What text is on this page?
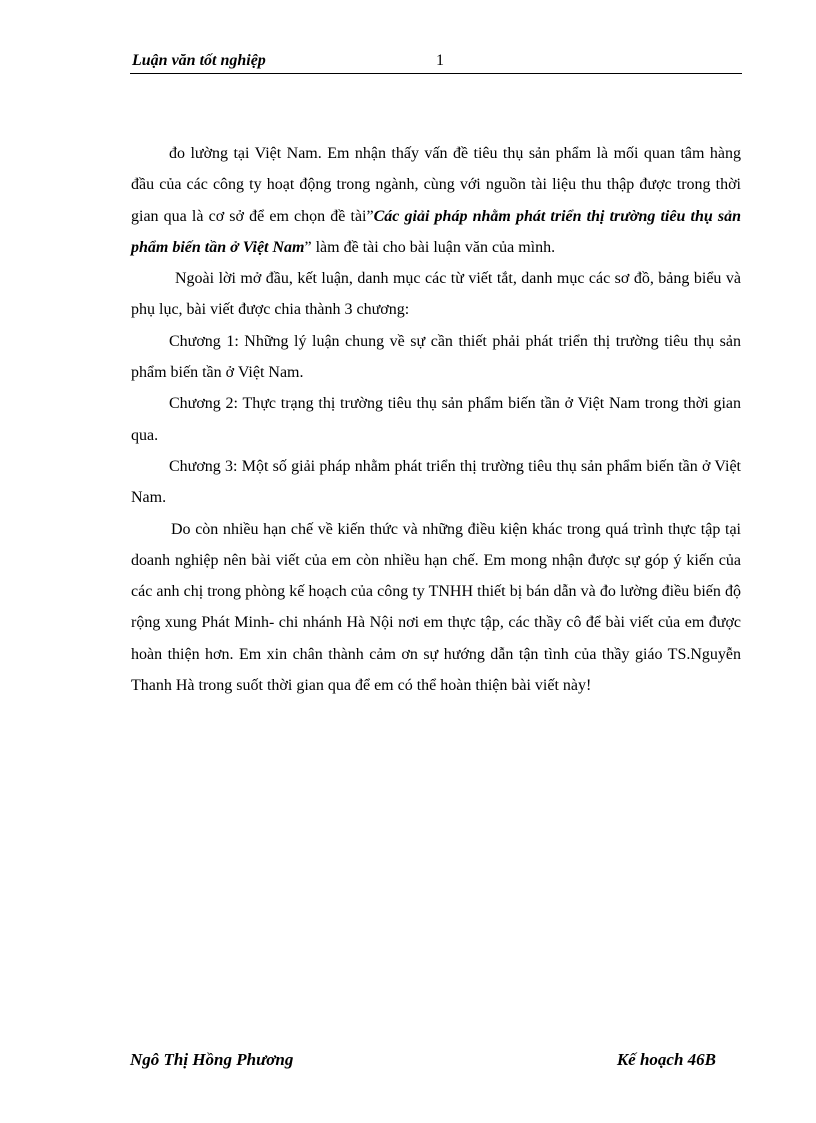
Luận văn tốt nghiệp	1

đo lường tại Việt Nam. Em nhận thấy vấn đề tiêu thụ sản phẩm là mối quan tâm hàng đầu của các công ty hoạt động trong ngành, cùng với nguồn tài liệu thu thập được trong thời gian qua là cơ sở để em chọn đề tài”Các giải pháp nhằm phát triển thị trường tiêu thụ sản phẩm biến tần ở Việt Nam” làm đề tài cho bài luận văn của mình.

Ngoài lời mở đầu, kết luận, danh mục các từ viết tắt, danh mục các sơ đồ, bảng biểu và phụ lục, bài viết được chia thành 3 chương:

Chương 1: Những lý luận chung về sự cần thiết phải phát triển thị trường tiêu thụ sản phẩm biến tần ở Việt Nam.

Chương 2: Thực trạng thị trường tiêu thụ sản phẩm biến tần ở Việt Nam trong thời gian qua.

Chương 3: Một số giải pháp nhằm phát triển thị trường tiêu thụ sản phẩm biến tần ở Việt Nam.

Do còn nhiều hạn chế về kiến thức và những điều kiện khác trong quá trình thực tập tại doanh nghiệp nên bài viết của em còn nhiều hạn chế. Em mong nhận được sự góp ý kiến của các anh chị trong phòng kế hoạch của công ty TNHH thiết bị bán dẫn và đo lường điều biến độ rộng xung Phát Minh- chi nhánh Hà Nội nơi em thực tập, các thầy cô để bài viết của em được hoàn thiện hơn. Em xin chân thành cảm ơn sự hướng dẫn tận tình của thầy giáo TS.Nguyễn Thanh Hà trong suốt thời gian qua để em có thể hoàn thiện bài viết này!

Ngô Thị Hồng Phương	Kế hoạch 46B
